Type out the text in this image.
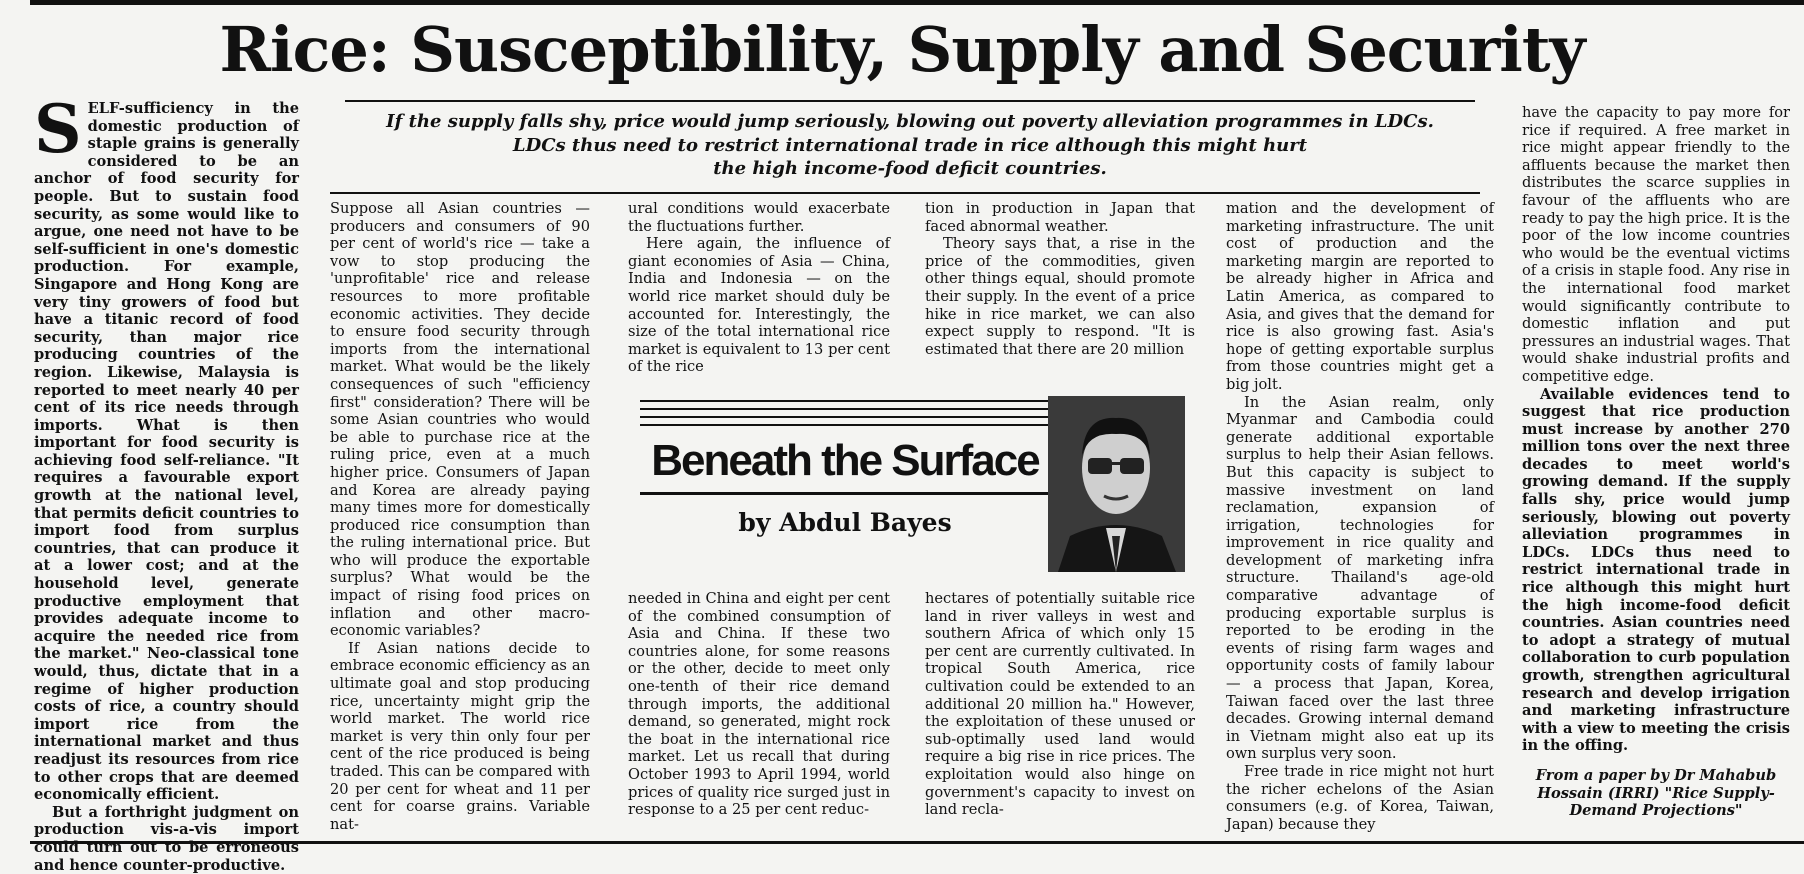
Rice: Susceptibility, Supply and Security
If the supply falls shy, price would jump seriously, blowing out poverty alleviation programmes in LDCs.
LDCs thus need to restrict international trade in rice although this might hurt
the high income-food deficit countries.

SELF-sufficiency in the domestic production of staple grains is generally considered to be an anchor of food security for people. But to sustain food security, as some would like to argue, one need not have to be self-sufficient in one's domestic production. For example, Singapore and Hong Kong are very tiny growers of food but have a titanic record of food security, than major rice producing countries of the region. Likewise, Malaysia is reported to meet nearly 40 per cent of its rice needs through imports. What is then important for food security is achieving food self-reliance. "It requires a favourable export growth at the national level, that permits deficit countries to import food from surplus countries, that can produce it at a lower cost; and at the household level, generate productive employment that provides adequate income to acquire the needed rice from the market." Neo-classical tone would, thus, dictate that in a regime of higher production costs of rice, a country should import rice from the international market and thus readjust its resources from rice to other crops that are deemed economically efficient.

But a forthright judgment on production vis-a-vis import could turn out to be erroneous and hence counter-productive.

Suppose all Asian countries — producers and consumers of 90 per cent of world's rice — take a vow to stop producing the 'unprofitable' rice and release resources to more profitable economic activities. They decide to ensure food security through imports from the international market. What would be the likely consequences of such "efficiency first" consideration? There will be some Asian countries who would be able to purchase rice at the ruling price, even at a much higher price. Consumers of Japan and Korea are already paying many times more for domestically produced rice consumption than the ruling international price. But who will produce the exportable surplus? What would be the impact of rising food prices on inflation and other macro-economic variables?

If Asian nations decide to embrace economic efficiency as an ultimate goal and stop producing rice, uncertainty might grip the world market. The world rice market is very thin only four per cent of the rice produced is being traded. This can be compared with 20 per cent for wheat and 11 per cent for coarse grains. Variable nat-

ural conditions would exacerbate the fluctuations further.

Here again, the influence of giant economies of Asia — China, India and Indonesia — on the world rice market should duly be accounted for. Interestingly, the size of the total international rice market is equivalent to 13 per cent of the rice

tion in production in Japan that faced abnormal weather.

Theory says that, a rise in the price of the commodities, given other things equal, should promote their supply. In the event of a price hike in rice market, we can also expect supply to respond. "It is estimated that there are 20 million

Beneath the Surface
by Abdul Bayes

needed in China and eight per cent of the combined consumption of Asia and China. If these two countries alone, for some reasons or the other, decide to meet only one-tenth of their rice demand through imports, the additional demand, so generated, might rock the boat in the international rice market. Let us recall that during October 1993 to April 1994, world prices of quality rice surged just in response to a 25 per cent reduc-

hectares of potentially suitable rice land in river valleys in west and southern Africa of which only 15 per cent are currently cultivated. In tropical South America, rice cultivation could be extended to an additional 20 million ha." However, the exploitation of these unused or sub-optimally used land would require a big rise in rice prices. The exploitation would also hinge on government's capacity to invest on land recla-

mation and the development of marketing infrastructure. The unit cost of production and the marketing margin are reported to be already higher in Africa and Latin America, as compared to Asia, and gives that the demand for rice is also growing fast. Asia's hope of getting exportable surplus from those countries might get a big jolt.

In the Asian realm, only Myanmar and Cambodia could generate additional exportable surplus to help their Asian fellows. But this capacity is subject to massive investment on land reclamation, expansion of irrigation, technologies for improvement in rice quality and development of marketing infra structure. Thailand's age-old comparative advantage of producing exportable surplus is reported to be eroding in the events of rising farm wages and opportunity costs of family labour — a process that Japan, Korea, Taiwan faced over the last three decades. Growing internal demand in Vietnam might also eat up its own surplus very soon.

Free trade in rice might not hurt the richer echelons of the Asian consumers (e.g. of Korea, Taiwan, Japan) because they

have the capacity to pay more for rice if required. A free market in rice might appear friendly to the affluents because the market then distributes the scarce supplies in favour of the affluents who are ready to pay the high price. It is the poor of the low income countries who would be the eventual victims of a crisis in staple food. Any rise in the international food market would significantly contribute to domestic inflation and put pressures an industrial wages. That would shake industrial profits and competitive edge.

Available evidences tend to suggest that rice production must increase by another 270 million tons over the next three decades to meet world's growing demand. If the supply falls shy, price would jump seriously, blowing out poverty alleviation programmes in LDCs. LDCs thus need to restrict international trade in rice although this might hurt the high income-food deficit countries. Asian countries need to adopt a strategy of mutual collaboration to curb population growth, strengthen agricultural research and develop irrigation and marketing infrastructure with a view to meeting the crisis in the offing.

From a paper by Dr Mahabub Hossain (IRRI) "Rice Supply-Demand Projections"
